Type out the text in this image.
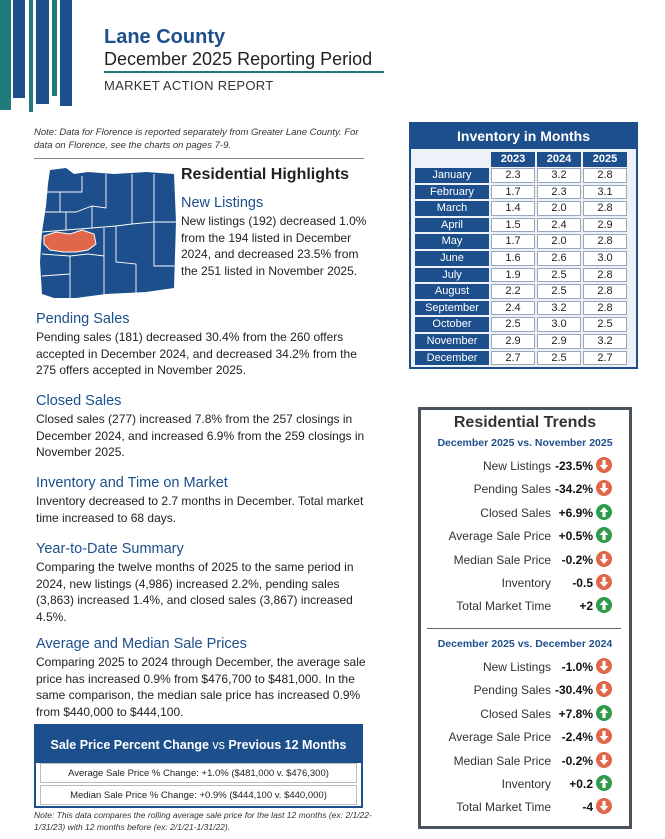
Lane County
December 2025 Reporting Period
MARKET ACTION REPORT
Note: Data for Florence is reported separately from Greater Lane County. For data on Florence, see the charts on pages 7-9.
Residential Highlights
New Listings
New listings (192) decreased 1.0% from the 194 listed in December 2024, and decreased 23.5% from the 251 listed in November 2025.
Pending Sales
Pending sales (181) decreased 30.4% from the 260 offers accepted in December 2024, and decreased 34.2% from the 275 offers accepted in November 2025.
Closed Sales
Closed sales (277) increased 7.8% from the 257 closings in December 2024, and increased 6.9% from the 259 closings in November 2025.
Inventory and Time on Market
Inventory decreased to 2.7 months in December. Total market time increased to 68 days.
Year-to-Date Summary
Comparing the twelve months of 2025 to the same period in 2024, new listings (4,986) increased 2.2%, pending sales (3,863) increased 1.4%, and closed sales (3,867) increased 4.5%.
Average and Median Sale Prices
Comparing 2025 to 2024 through December, the average sale price has increased 0.9% from $476,700 to $481,000. In the same comparison, the median sale price has increased 0.9% from $440,000 to $444,100.
Sale Price Percent Change vs Previous 12 Months
Average Sale Price % Change: +1.0% ($481,000 v. $476,300)
Median Sale Price % Change: +0.9% ($444,100 v. $440,000)
Note: This data compares the rolling average sale price for the last 12 months (ex: 2/1/22-1/31/23) with 12 months before (ex: 2/1/21-1/31/22).
Inventory in Months
2023	2024	2025
January	2.3	3.2	2.8
February	1.7	2.3	3.1
March	1.4	2.0	2.8
April	1.5	2.4	2.9
May	1.7	2.0	2.8
June	1.6	2.6	3.0
July	1.9	2.5	2.8
August	2.2	2.5	2.8
September	2.4	3.2	2.8
October	2.5	3.0	2.5
November	2.9	2.9	3.2
December	2.7	2.5	2.7
Residential Trends
December 2025 vs. November 2025
New Listings -23.5%
Pending Sales -34.2%
Closed Sales +6.9%
Average Sale Price +0.5%
Median Sale Price -0.2%
Inventory	-0.5
Total Market Time	+2
December 2025 vs. December 2024
New Listings -1.0%
Pending Sales -30.4%
Closed Sales +7.8%
Average Sale Price -2.4%
Median Sale Price -0.2%
Inventory	+0.2
Total Market Time	-4
